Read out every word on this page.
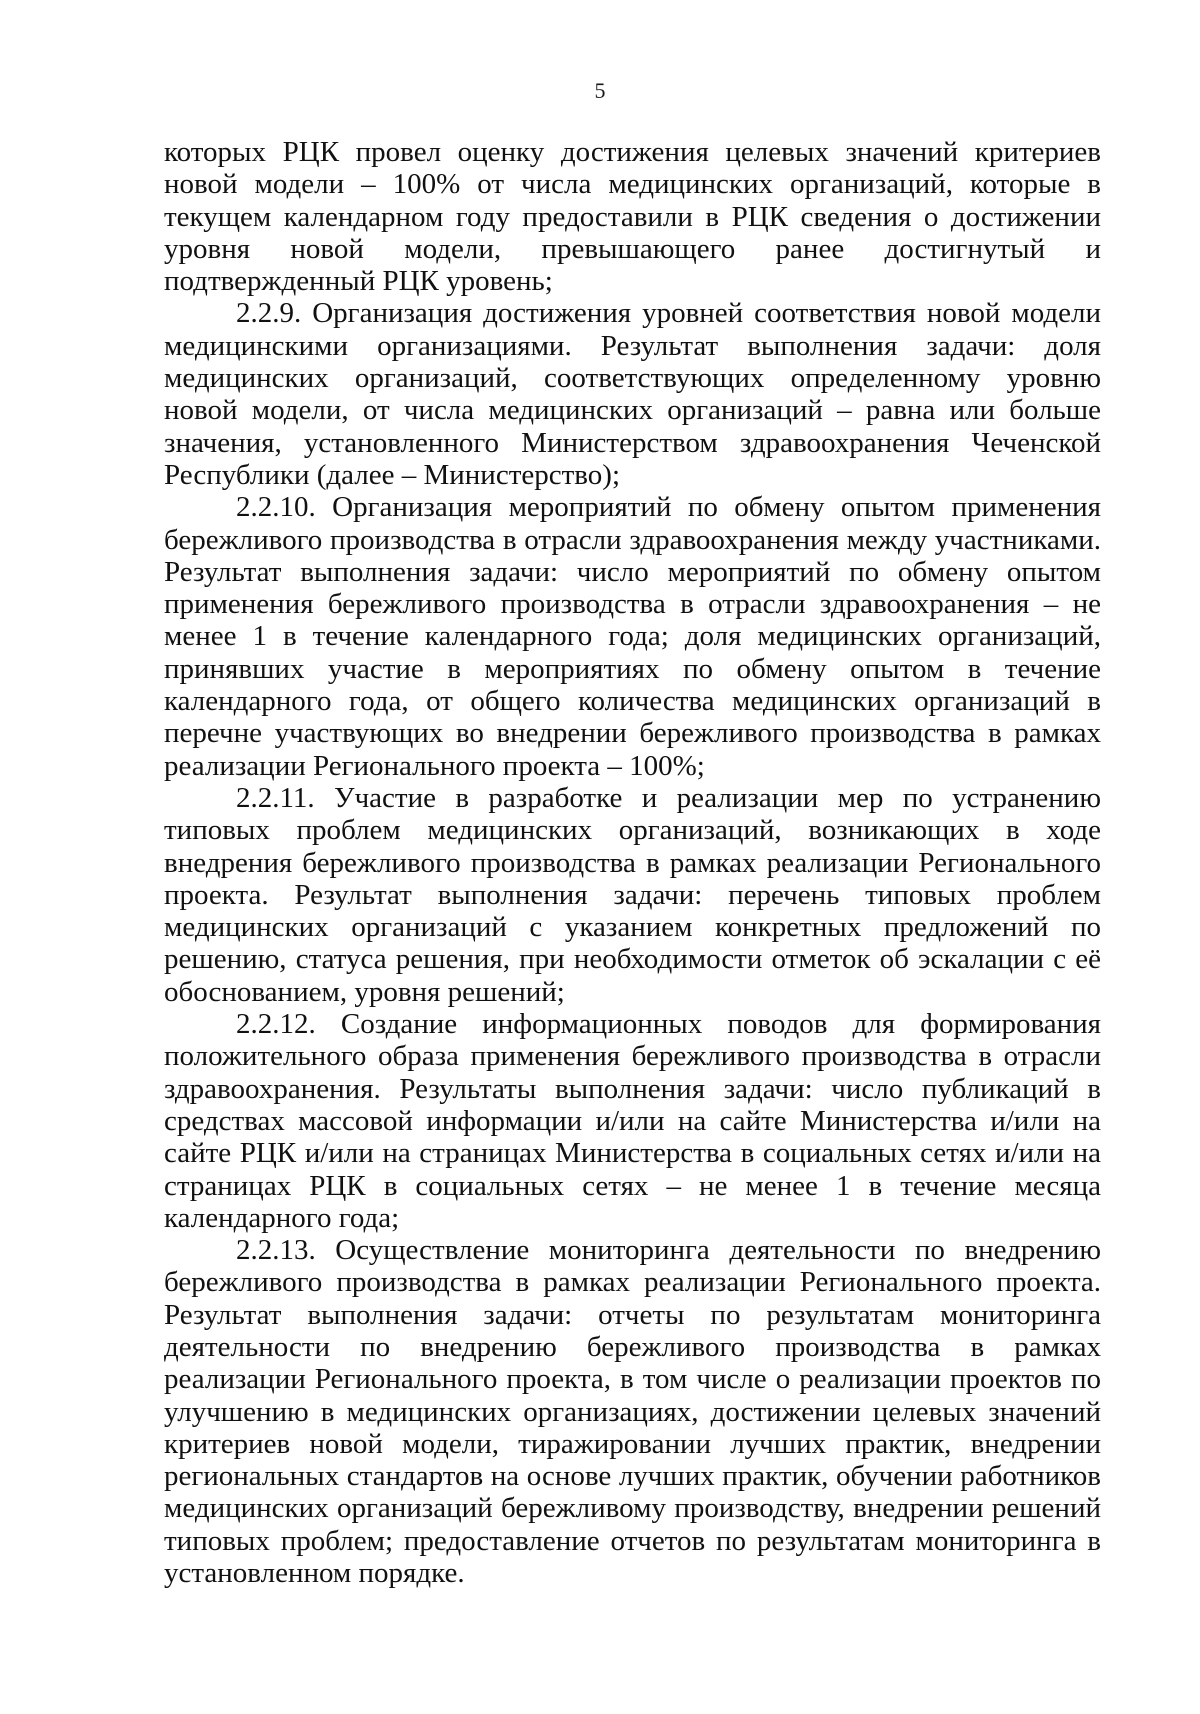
5

которых РЦК провел оценку достижения целевых значений критериев новой модели – 100% от числа медицинских организаций, которые в текущем календарном году предоставили в РЦК сведения о достижении уровня новой модели, превышающего ранее достигнутый и подтвержденный РЦК уровень;

2.2.9. Организация достижения уровней соответствия новой модели медицинскими организациями. Результат выполнения задачи: доля медицинских организаций, соответствующих определенному уровню новой модели, от числа медицинских организаций – равна или больше значения, установленного Министерством здравоохранения Чеченской Республики (далее – Министерство);

2.2.10. Организация мероприятий по обмену опытом применения бережливого производства в отрасли здравоохранения между участниками. Результат выполнения задачи: число мероприятий по обмену опытом применения бережливого производства в отрасли здравоохранения – не менее 1 в течение календарного года; доля медицинских организаций, принявших участие в мероприятиях по обмену опытом в течение календарного года, от общего количества медицинских организаций в перечне участвующих во внедрении бережливого производства в рамках реализации Регионального проекта – 100%;

2.2.11. Участие в разработке и реализации мер по устранению типовых проблем медицинских организаций, возникающих в ходе внедрения бережливого производства в рамках реализации Регионального проекта. Результат выполнения задачи: перечень типовых проблем медицинских организаций с указанием конкретных предложений по решению, статуса решения, при необходимости отметок об эскалации с её обоснованием, уровня решений;

2.2.12. Создание информационных поводов для формирования положительного образа применения бережливого производства в отрасли здравоохранения. Результаты выполнения задачи: число публикаций в средствах массовой информации и/или на сайте Министерства и/или на сайте РЦК и/или на страницах Министерства в социальных сетях и/или на страницах РЦК в социальных сетях – не менее 1 в течение месяца календарного года;

2.2.13. Осуществление мониторинга деятельности по внедрению бережливого производства в рамках реализации Регионального проекта. Результат выполнения задачи: отчеты по результатам мониторинга деятельности по внедрению бережливого производства в рамках реализации Регионального проекта, в том числе о реализации проектов по улучшению в медицинских организациях, достижении целевых значений критериев новой модели, тиражировании лучших практик, внедрении региональных стандартов на основе лучших практик, обучении работников медицинских организаций бережливому производству, внедрении решений типовых проблем; предоставление отчетов по результатам мониторинга в установленном порядке.
